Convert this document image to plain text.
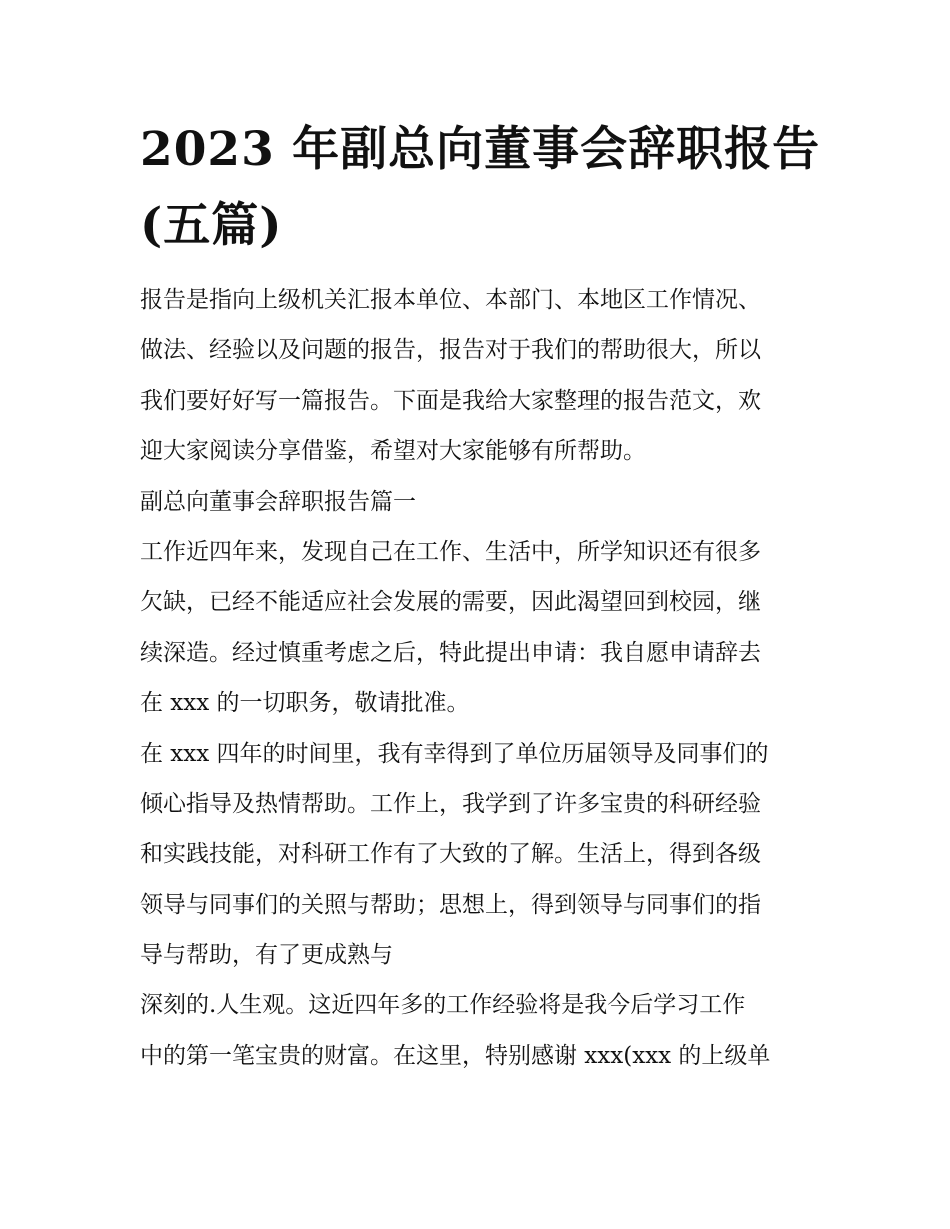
2023 年副总向董事会辞职报告
(五篇)
报告是指向上级机关汇报本单位、本部门、本地区工作情况、
做法、经验以及问题的报告，报告对于我们的帮助很大，所以
我们要好好写一篇报告。下面是我给大家整理的报告范文，欢
迎大家阅读分享借鉴，希望对大家能够有所帮助。
副总向董事会辞职报告篇一
工作近四年来，发现自己在工作、生活中，所学知识还有很多
欠缺，已经不能适应社会发展的需要，因此渴望回到校园，继
续深造。经过慎重考虑之后，特此提出申请：我自愿申请辞去
在 xxx 的一切职务，敬请批准。
在 xxx 四年的时间里，我有幸得到了单位历届领导及同事们的
倾心指导及热情帮助。工作上，我学到了许多宝贵的科研经验
和实践技能，对科研工作有了大致的了解。生活上，得到各级
领导与同事们的关照与帮助；思想上，得到领导与同事们的指
导与帮助，有了更成熟与
深刻的.人生观。这近四年多的工作经验将是我今后学习工作
中的第一笔宝贵的财富。在这里，特别感谢 xxx(xxx 的上级单
